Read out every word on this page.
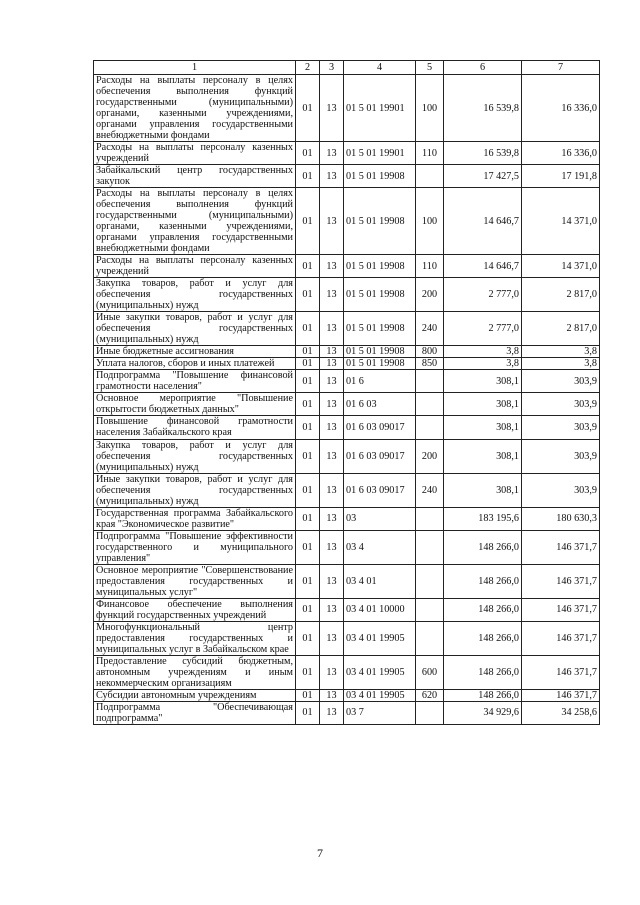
1	2	3	4	5	6	7
Расходы на выплаты персоналу в целях обеспечения выполнения функций государственными (муниципальными) органами, казенными учреждениями, органами управления государственными внебюджетными фондами	01	13	01 5 01 19901	100	16 539,8	16 336,0
Расходы на выплаты персоналу казенных учреждений	01	13	01 5 01 19901	110	16 539,8	16 336,0
Забайкальский центр государственных закупок	01	13	01 5 01 19908		17 427,5	17 191,8
Расходы на выплаты персоналу в целях обеспечения выполнения функций государственными (муниципальными) органами, казенными учреждениями, органами управления государственными внебюджетными фондами	01	13	01 5 01 19908	100	14 646,7	14 371,0
Расходы на выплаты персоналу казенных учреждений	01	13	01 5 01 19908	110	14 646,7	14 371,0
Закупка товаров, работ и услуг для обеспечения государственных (муниципальных) нужд	01	13	01 5 01 19908	200	2 777,0	2 817,0
Иные закупки товаров, работ и услуг для обеспечения государственных (муниципальных) нужд	01	13	01 5 01 19908	240	2 777,0	2 817,0
Иные бюджетные ассигнования	01	13	01 5 01 19908	800	3,8	3,8
Уплата налогов, сборов и иных платежей	01	13	01 5 01 19908	850	3,8	3,8
Подпрограмма "Повышение финансовой грамотности населения"	01	13	01 6		308,1	303,9
Основное мероприятие "Повышение открытости бюджетных данных"	01	13	01 6 03		308,1	303,9
Повышение финансовой грамотности населения Забайкальского края	01	13	01 6 03 09017		308,1	303,9
Закупка товаров, работ и услуг для обеспечения государственных (муниципальных) нужд	01	13	01 6 03 09017	200	308,1	303,9
Иные закупки товаров, работ и услуг для обеспечения государственных (муниципальных) нужд	01	13	01 6 03 09017	240	308,1	303,9
Государственная программа Забайкальского края "Экономическое развитие"	01	13	03		183 195,6	180 630,3
Подпрограмма "Повышение эффективности государственного и муниципального управления"	01	13	03 4		148 266,0	146 371,7
Основное мероприятие "Совершенствование предоставления государственных и муниципальных услуг"	01	13	03 4 01		148 266,0	146 371,7
Финансовое обеспечение выполнения функций государственных учреждений	01	13	03 4 01 10000		148 266,0	146 371,7
Многофункциональный центр предоставления государственных и муниципальных услуг в Забайкальском крае	01	13	03 4 01 19905		148 266,0	146 371,7
Предоставление субсидий бюджетным, автономным учреждениям и иным некоммерческим организациям	01	13	03 4 01 19905	600	148 266,0	146 371,7
Субсидии автономным учреждениям	01	13	03 4 01 19905	620	148 266,0	146 371,7
Подпрограмма "Обеспечивающая подпрограмма"	01	13	03 7		34 929,6	34 258,6
7
